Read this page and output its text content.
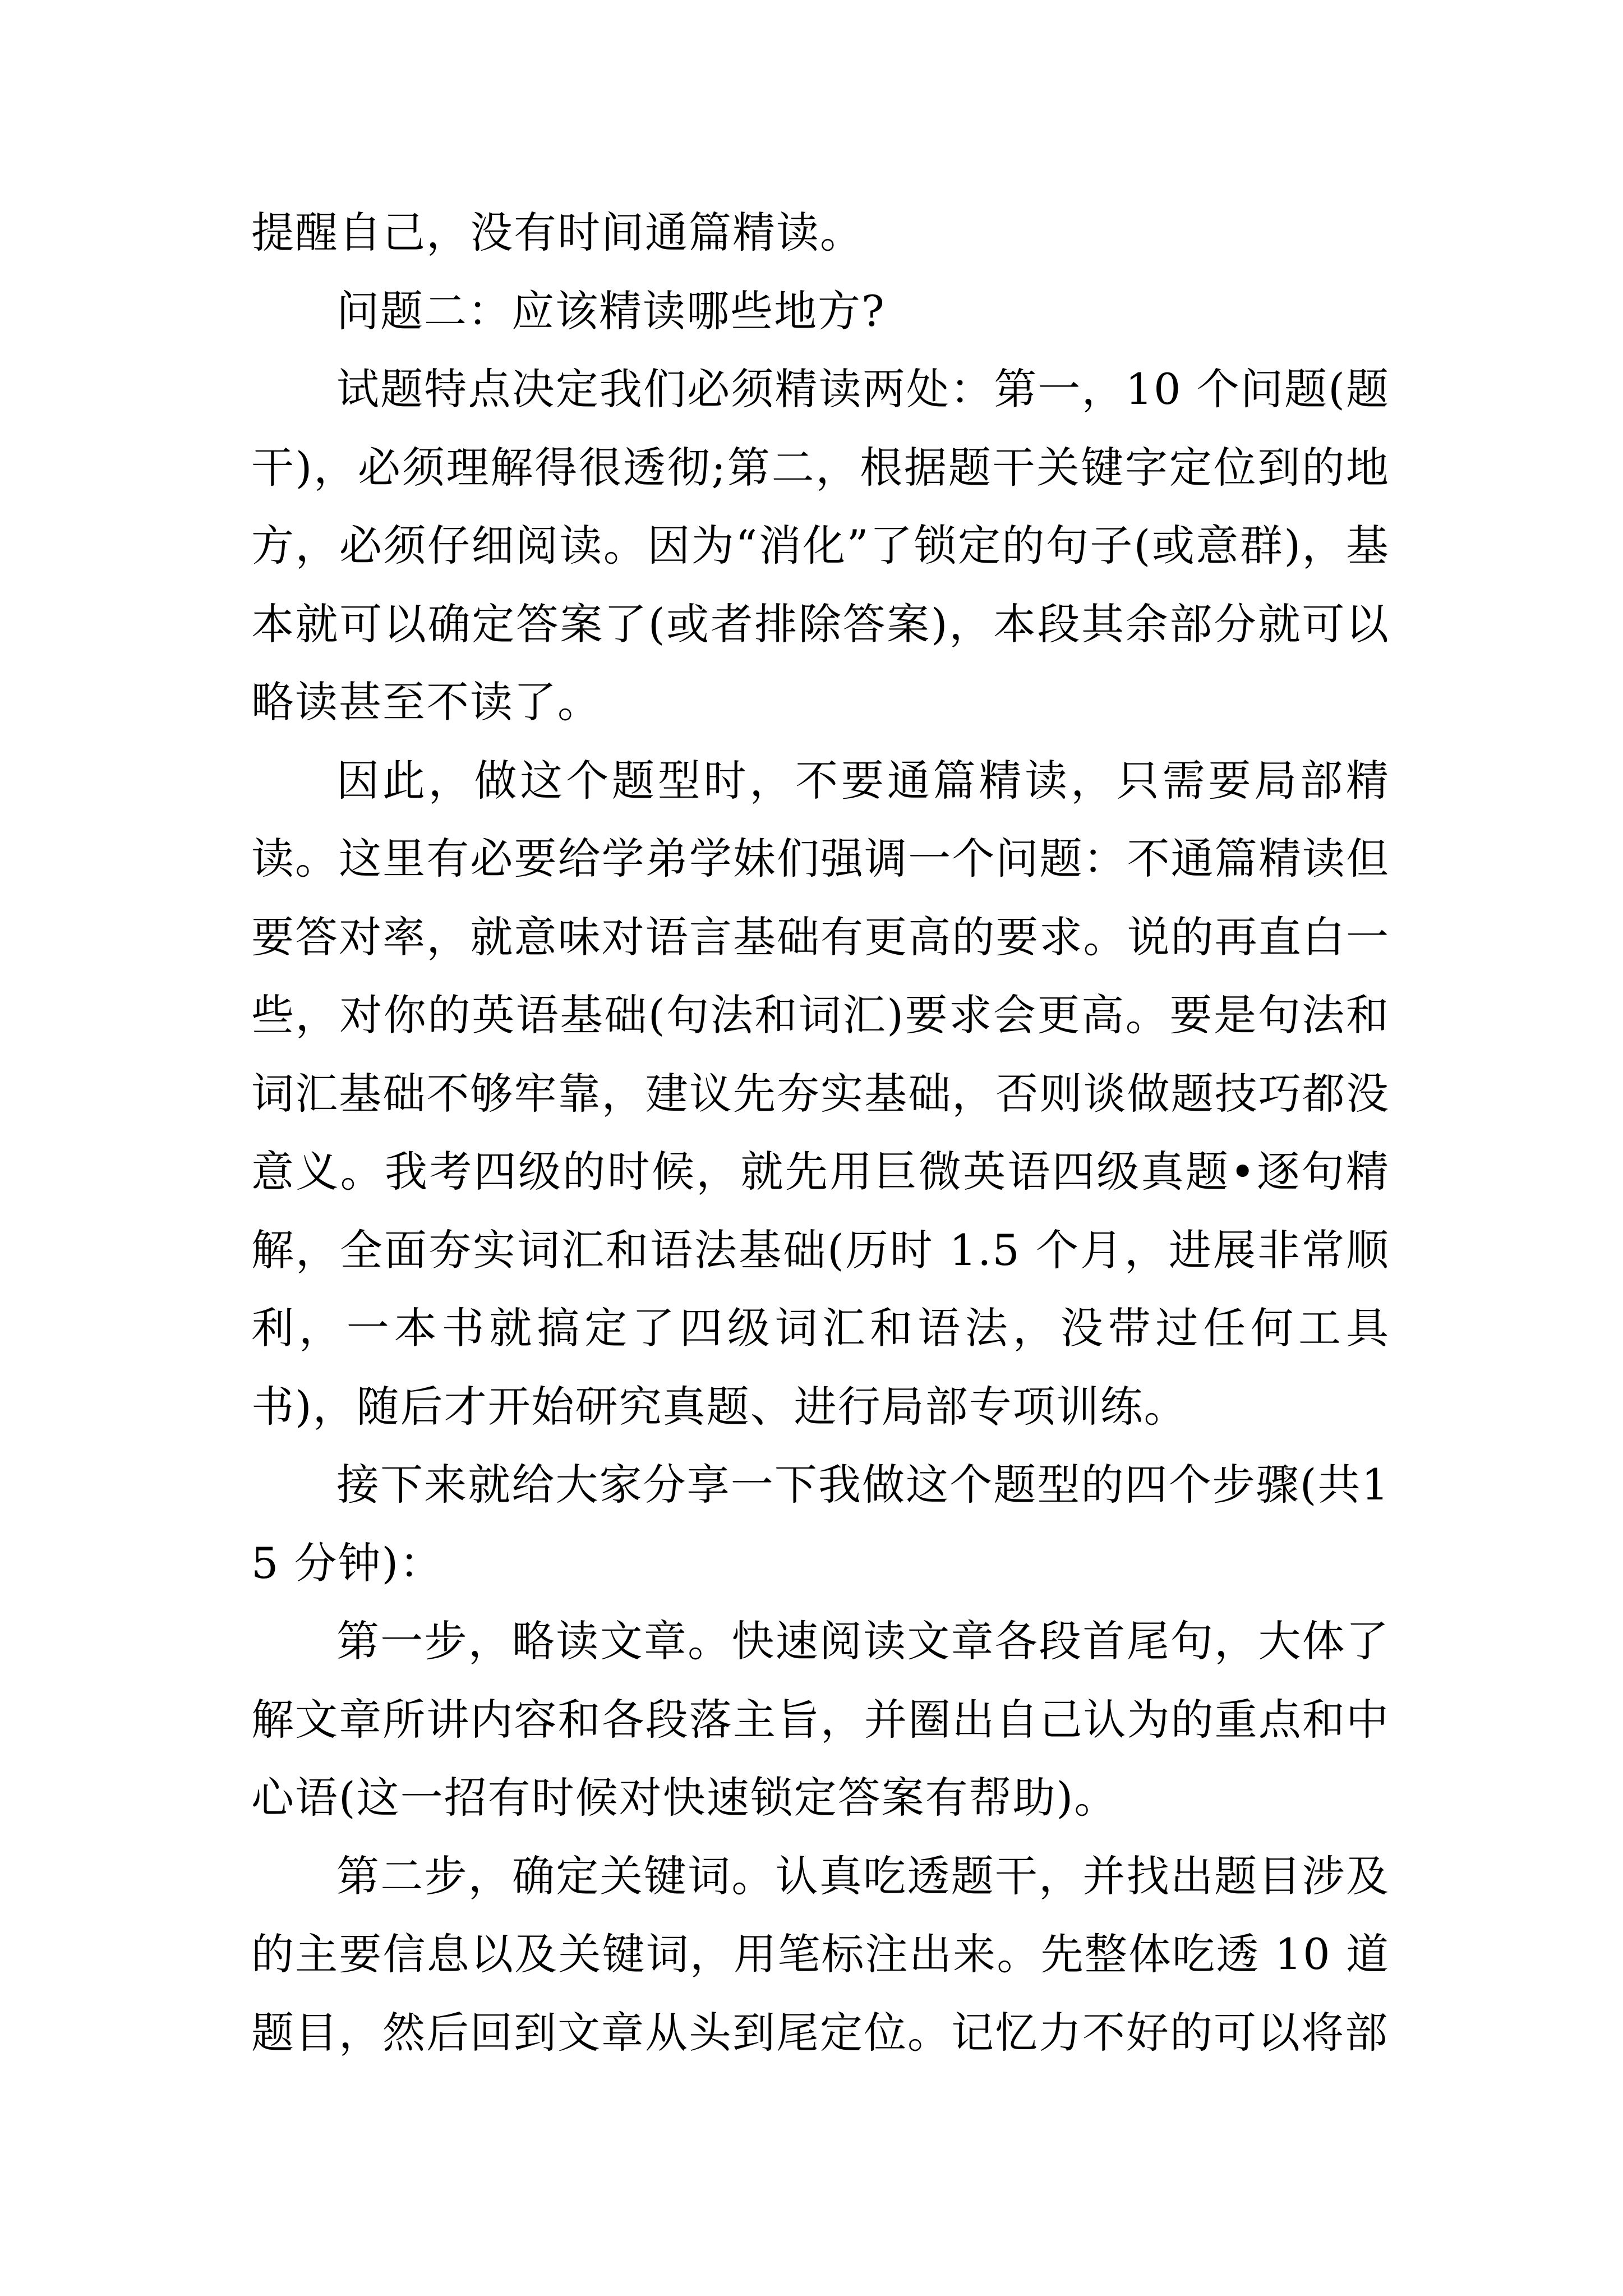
提醒自己，没有时间通篇精读。

问题二：应该精读哪些地方?

试题特点决定我们必须精读两处：第一，10 个问题(题干)，必须理解得很透彻;第二，根据题干关键字定位到的地方，必须仔细阅读。因为“消化”了锁定的句子(或意群)，基本就可以确定答案了(或者排除答案)，本段其余部分就可以略读甚至不读了。

因此，做这个题型时，不要通篇精读，只需要局部精读。这里有必要给学弟学妹们强调一个问题：不通篇精读但要答对率，就意味对语言基础有更高的要求。说的再直白一些，对你的英语基础(句法和词汇)要求会更高。要是句法和词汇基础不够牢靠，建议先夯实基础，否则谈做题技巧都没意义。我考四级的时候，就先用巨微英语四级真题•逐句精解，全面夯实词汇和语法基础(历时 1.5 个月，进展非常顺利，一本书就搞定了四级词汇和语法，没带过任何工具书)，随后才开始研究真题、进行局部专项训练。

接下来就给大家分享一下我做这个题型的四个步骤(共15 分钟)：

第一步，略读文章。快速阅读文章各段首尾句，大体了解文章所讲内容和各段落主旨，并圈出自己认为的重点和中心语(这一招有时候对快速锁定答案有帮助)。

第二步，确定关键词。认真吃透题干，并找出题目涉及的主要信息以及关键词，用笔标注出来。先整体吃透 10 道题目，然后回到文章从头到尾定位。记忆力不好的可以将部
